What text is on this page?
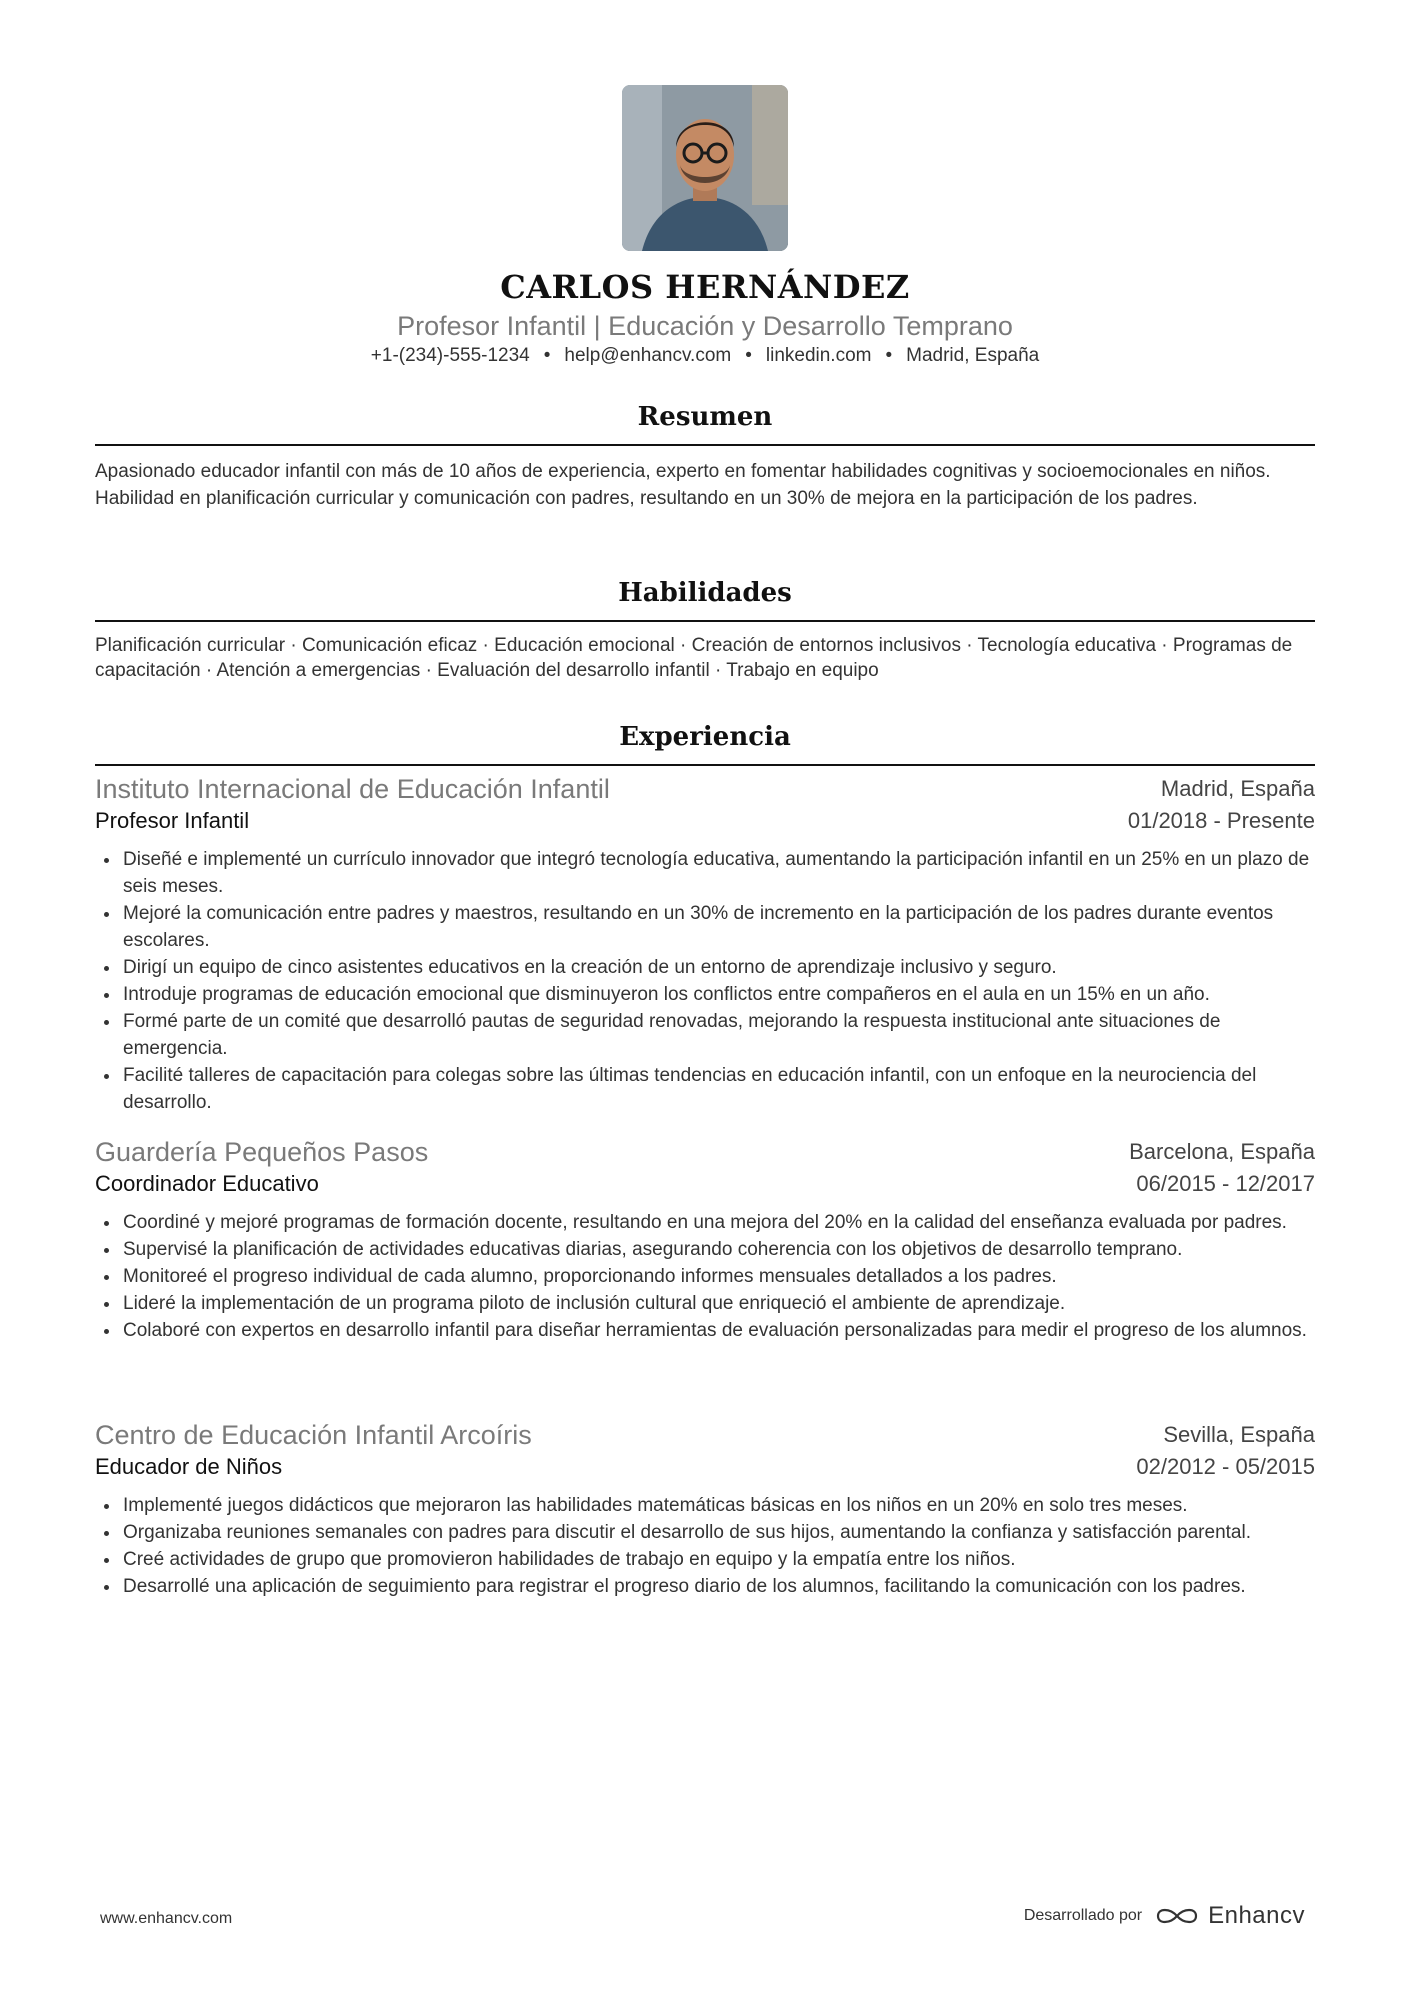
CARLOS HERNÁNDEZ
Profesor Infantil | Educación y Desarrollo Temprano
+1-(234)-555-1234 • help@enhancv.com • linkedin.com • Madrid, España
Resumen
Apasionado educador infantil con más de 10 años de experiencia, experto en fomentar habilidades cognitivas y socioemocionales en niños. Habilidad en planificación curricular y comunicación con padres, resultando en un 30% de mejora en la participación de los padres.
Habilidades
Planificación curricular · Comunicación eficaz · Educación emocional · Creación de entornos inclusivos · Tecnología educativa · Programas de capacitación · Atención a emergencias · Evaluación del desarrollo infantil · Trabajo en equipo
Experiencia
Instituto Internacional de Educación Infantil	Madrid, España
Profesor Infantil	01/2018 - Presente
Diseñé e implementé un currículo innovador que integró tecnología educativa, aumentando la participación infantil en un 25% en un plazo de seis meses.
Mejoré la comunicación entre padres y maestros, resultando en un 30% de incremento en la participación de los padres durante eventos escolares.
Dirigí un equipo de cinco asistentes educativos en la creación de un entorno de aprendizaje inclusivo y seguro.
Introduje programas de educación emocional que disminuyeron los conflictos entre compañeros en el aula en un 15% en un año.
Formé parte de un comité que desarrolló pautas de seguridad renovadas, mejorando la respuesta institucional ante situaciones de emergencia.
Facilité talleres de capacitación para colegas sobre las últimas tendencias en educación infantil, con un enfoque en la neurociencia del desarrollo.
Guardería Pequeños Pasos	Barcelona, España
Coordinador Educativo	06/2015 - 12/2017
Coordiné y mejoré programas de formación docente, resultando en una mejora del 20% en la calidad del enseñanza evaluada por padres.
Supervisé la planificación de actividades educativas diarias, asegurando coherencia con los objetivos de desarrollo temprano.
Monitoreé el progreso individual de cada alumno, proporcionando informes mensuales detallados a los padres.
Lideré la implementación de un programa piloto de inclusión cultural que enriqueció el ambiente de aprendizaje.
Colaboré con expertos en desarrollo infantil para diseñar herramientas de evaluación personalizadas para medir el progreso de los alumnos.
Centro de Educación Infantil Arcoíris	Sevilla, España
Educador de Niños	02/2012 - 05/2015
Implementé juegos didácticos que mejoraron las habilidades matemáticas básicas en los niños en un 20% en solo tres meses.
Organizaba reuniones semanales con padres para discutir el desarrollo de sus hijos, aumentando la confianza y satisfacción parental.
Creé actividades de grupo que promovieron habilidades de trabajo en equipo y la empatía entre los niños.
Desarrollé una aplicación de seguimiento para registrar el progreso diario de los alumnos, facilitando la comunicación con los padres.
www.enhancv.com	Desarrollado por	Enhancv
